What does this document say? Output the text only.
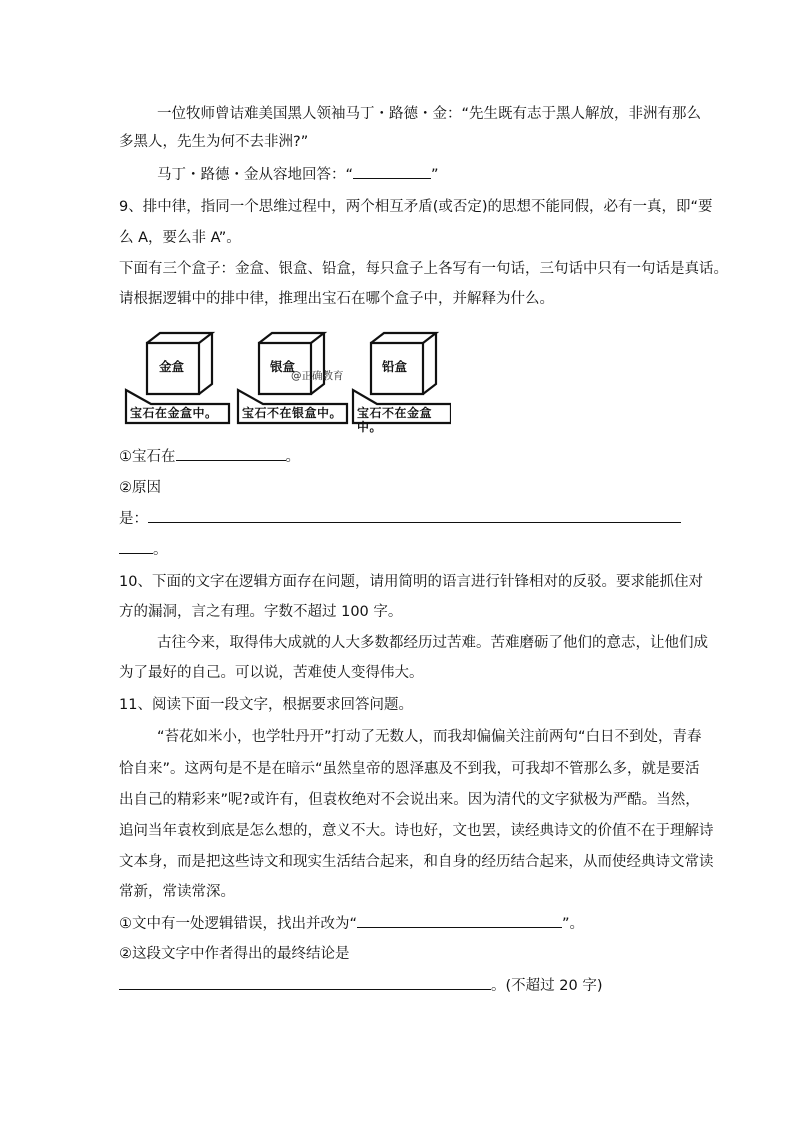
一位牧师曾诘难美国黑人领袖马丁・路德・金：“先生既有志于黑人解放，非洲有那么
多黑人，先生为何不去非洲?”
马丁・路德・金从容地回答：“	”
9、排中律，指同一个思维过程中，两个相互矛盾(或否定)的思想不能同假，必有一真，即“要
么 A，要么非 A”。
下面有三个盒子：金盒、银盒、铅盒，每只盒子上各写有一句话，三句话中只有一句话是真话。
请根据逻辑中的排中律，推理出宝石在哪个盒子中，并解释为什么。
金盒	银盒	铅盒
@正确教育
宝石在金盒中。 宝石不在银盒中。 宝石不在金盒中。
①宝石在	。
②原因
是：
。
10、下面的文字在逻辑方面存在问题，请用简明的语言进行针锋相对的反驳。要求能抓住对
方的漏洞，言之有理。字数不超过 100 字。
古往今来，取得伟大成就的人大多数都经历过苦难。苦难磨砺了他们的意志，让他们成
为了最好的自己。可以说，苦难使人变得伟大。
11、阅读下面一段文字，根据要求回答问题。
“苔花如米小，也学牡丹开”打动了无数人，而我却偏偏关注前两句“白日不到处，青春
恰自来”。这两句是不是在暗示“虽然皇帝的恩泽惠及不到我，可我却不管那么多，就是要活
出自己的精彩来”呢?或许有，但袁枚绝对不会说出来。因为清代的文字狱极为严酷。当然，
追问当年袁枚到底是怎么想的，意义不大。诗也好，文也罢，读经典诗文的价值不在于理解诗
文本身，而是把这些诗文和现实生活结合起来，和自身的经历结合起来，从而使经典诗文常读
常新，常读常深。
①文中有一处逻辑错误，找出并改为“	”。
②这段文字中作者得出的最终结论是
。(不超过 20 字)
